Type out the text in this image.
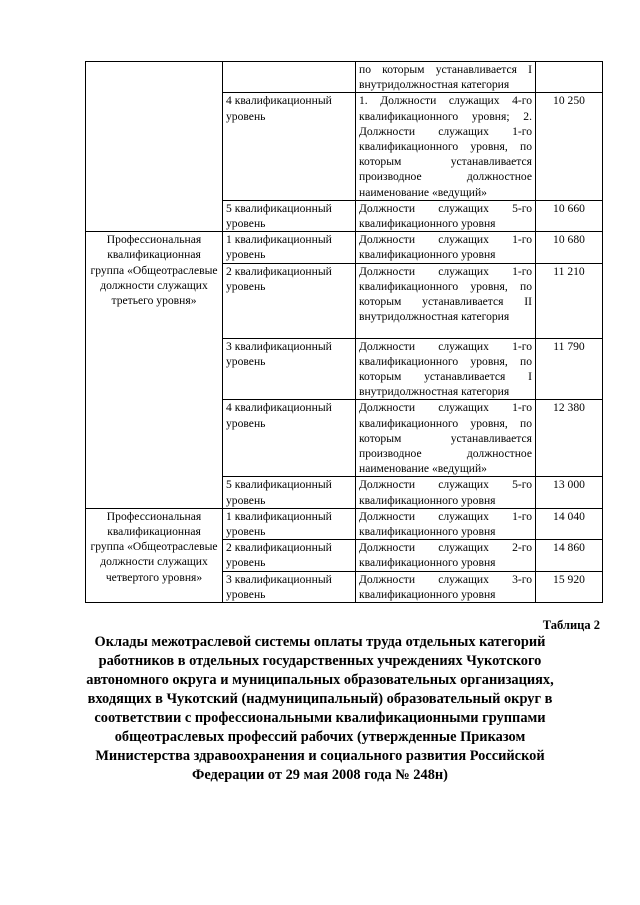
		по которым устанавливается I внутридолжностная категория	
	4 квалификационный уровень	1. Должности служащих 4-го квалификационного уровня; 2. Должности служащих 1-го квалификационного уровня, по которым устанавливается производное должностное наименование «ведущий»	10 250
	5 квалификационный уровень	Должности служащих 5-го квалификационного уровня	10 660
Профессиональная квалификационная группа «Общеотраслевые должности служащих третьего уровня»	1 квалификационный уровень	Должности служащих 1-го квалификационного уровня	10 680
	2 квалификационный уровень	Должности служащих 1-го квалификационного уровня, по которым устанавливается II внутридолжностная категория	11 210
	3 квалификационный уровень	Должности служащих 1-го квалификационного уровня, по которым устанавливается I внутридолжностная категория	11 790
	4 квалификационный уровень	Должности служащих 1-го квалификационного уровня, по которым устанавливается производное должностное наименование «ведущий»	12 380
	5 квалификационный уровень	Должности служащих 5-го квалификационного уровня	13 000
Профессиональная квалификационная группа «Общеотраслевые должности служащих четвертого уровня»	1 квалификационный уровень	Должности служащих 1-го квалификационного уровня	14 040
	2 квалификационный уровень	Должности служащих 2-го квалификационного уровня	14 860
	3 квалификационный уровень	Должности служащих 3-го квалификационного уровня	15 920
Таблица 2
Оклады межотраслевой системы оплаты труда отдельных категорий работников в отдельных государственных учреждениях Чукотского автономного округа и муниципальных образовательных организациях, входящих в Чукотский (надмуниципальный) образовательный округ в соответствии с профессиональными квалификационными группами общеотраслевых профессий рабочих (утвержденные Приказом Министерства здравоохранения и социального развития Российской Федерации от 29 мая 2008 года № 248н)
